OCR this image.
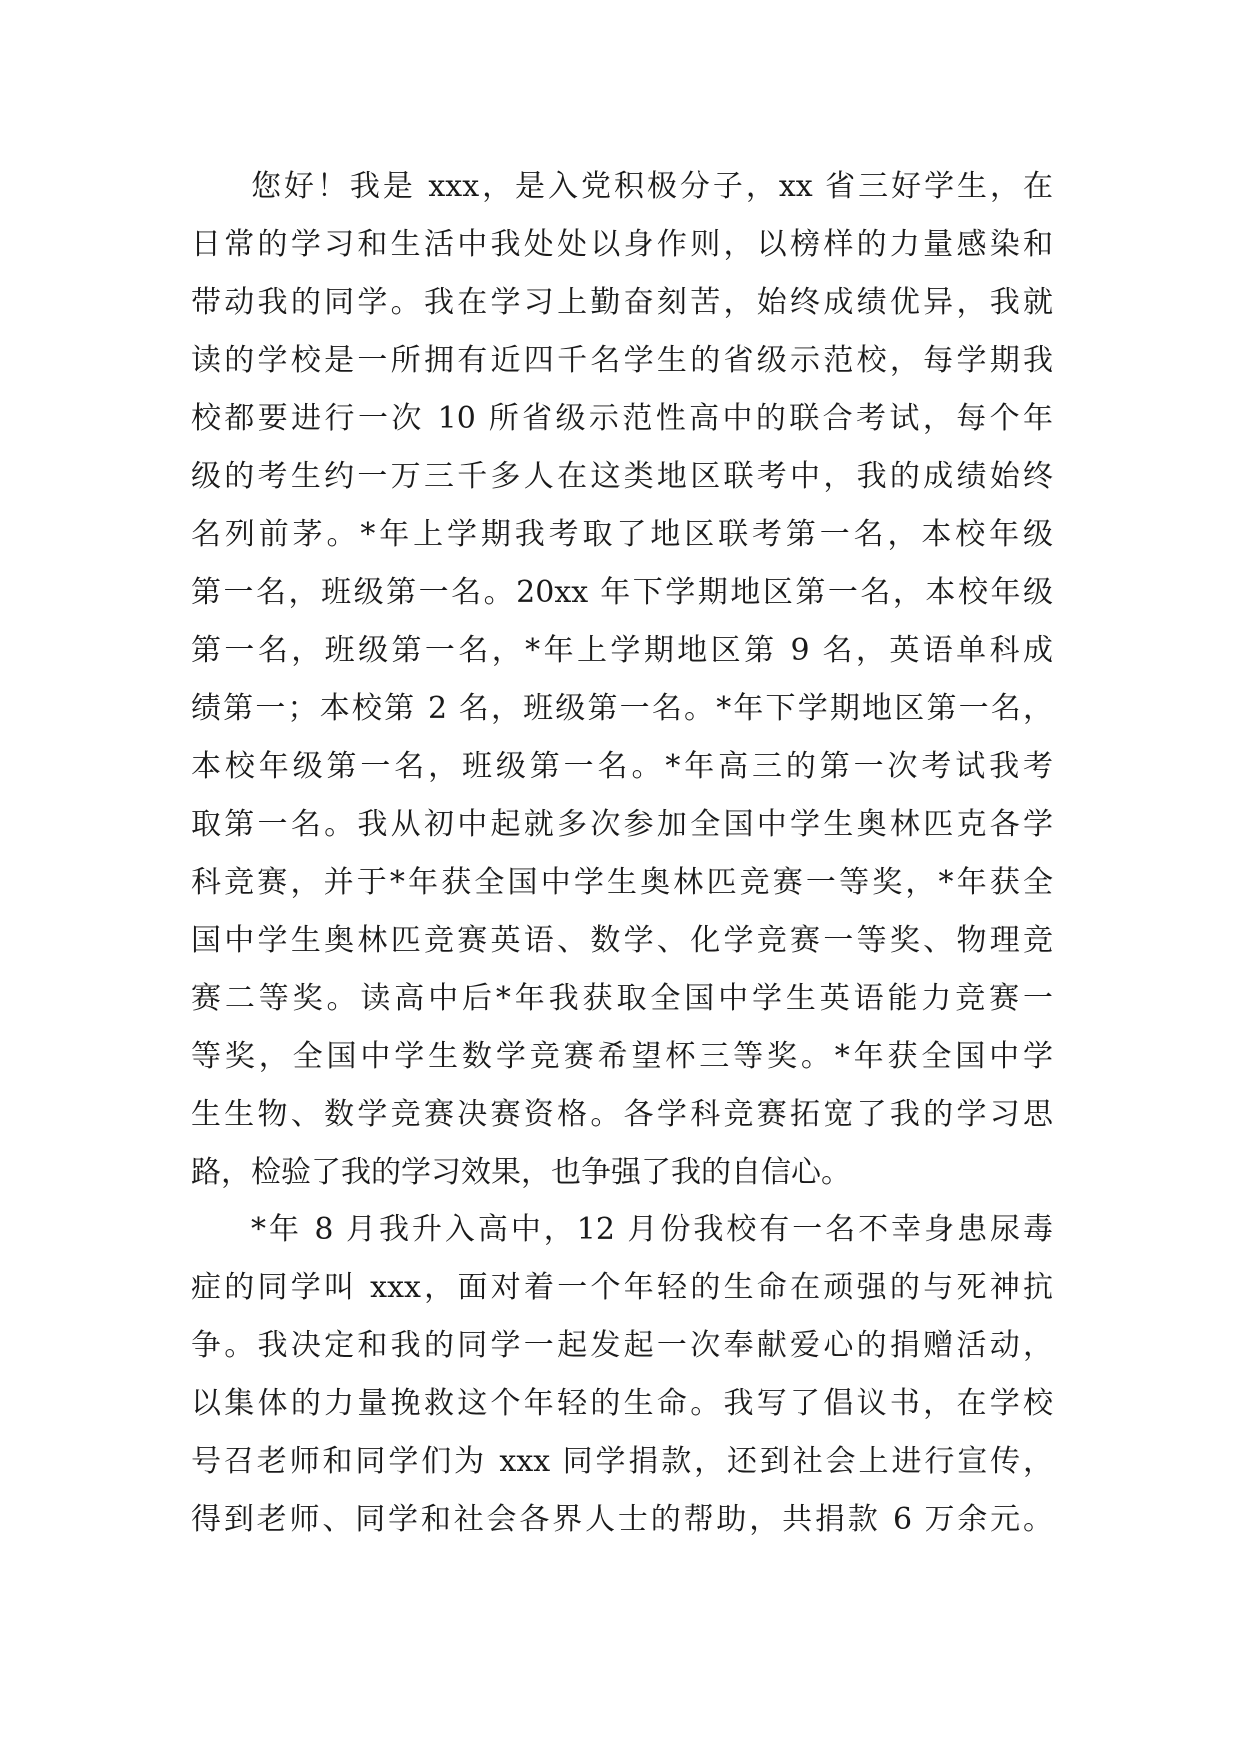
您好！我是 xxx，是入党积极分子，xx 省三好学生，在
日常的学习和生活中我处处以身作则，以榜样的力量感染和
带动我的同学。我在学习上勤奋刻苦，始终成绩优异，我就
读的学校是一所拥有近四千名学生的省级示范校，每学期我
校都要进行一次 10 所省级示范性高中的联合考试，每个年
级的考生约一万三千多人在这类地区联考中，我的成绩始终
名列前茅。*年上学期我考取了地区联考第一名，本校年级
第一名，班级第一名。20xx 年下学期地区第一名，本校年级
第一名，班级第一名，*年上学期地区第 9 名，英语单科成
绩第一；本校第 2 名，班级第一名。*年下学期地区第一名，
本校年级第一名，班级第一名。*年高三的第一次考试我考
取第一名。我从初中起就多次参加全国中学生奥林匹克各学
科竞赛，并于*年获全国中学生奥林匹竞赛一等奖，*年获全
国中学生奥林匹竞赛英语、数学、化学竞赛一等奖、物理竞
赛二等奖。读高中后*年我获取全国中学生英语能力竞赛一
等奖，全国中学生数学竞赛希望杯三等奖。*年获全国中学
生生物、数学竞赛决赛资格。各学科竞赛拓宽了我的学习思
路，检验了我的学习效果，也争强了我的自信心。
*年 8 月我升入高中，12 月份我校有一名不幸身患尿毒
症的同学叫 xxx，面对着一个年轻的生命在顽强的与死神抗
争。我决定和我的同学一起发起一次奉献爱心的捐赠活动，
以集体的力量挽救这个年轻的生命。我写了倡议书，在学校
号召老师和同学们为 xxx 同学捐款，还到社会上进行宣传，
得到老师、同学和社会各界人士的帮助，共捐款 6 万余元。
